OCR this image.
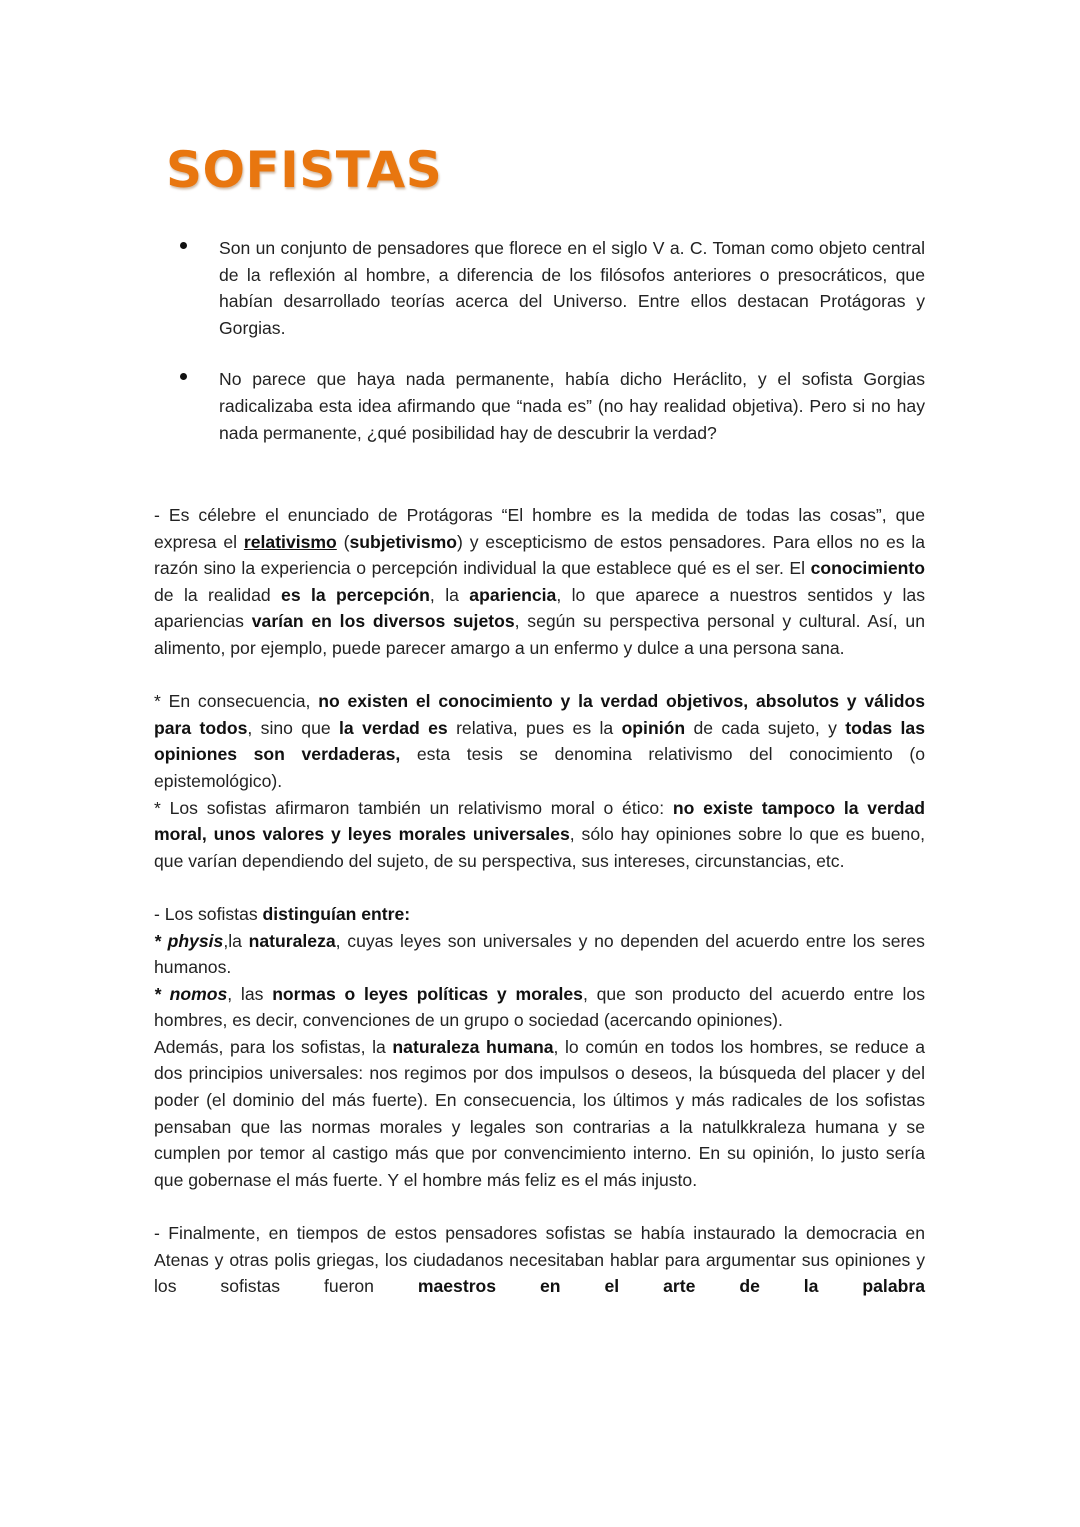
SOFISTAS

Son un conjunto de pensadores que florece en el siglo V a. C. Toman como objeto central de la reflexión al hombre, a diferencia de los filósofos anteriores o presocráticos, que habían desarrollado teorías acerca del Universo. Entre ellos destacan Protágoras y Gorgias.

No parece que haya nada permanente, había dicho Heráclito, y el sofista Gorgias radicalizaba esta idea afirmando que “nada es” (no hay realidad objetiva). Pero si no hay nada permanente, ¿qué posibilidad hay de descubrir la verdad?

- Es célebre el enunciado de Protágoras “El hombre es la medida de todas las cosas”, que expresa el relativismo (subjetivismo) y escepticismo de estos pensadores. Para ellos no es la razón sino la experiencia o percepción individual la que establece qué es el ser. El conocimiento de la realidad es la percepción, la apariencia, lo que aparece a nuestros sentidos y las apariencias varían en los diversos sujetos, según su perspectiva personal y cultural. Así, un alimento, por ejemplo, puede parecer amargo a un enfermo y dulce a una persona sana.

* En consecuencia, no existen el conocimiento y la verdad objetivos, absolutos y válidos para todos, sino que la verdad es relativa, pues es la opinión de cada sujeto, y todas las opiniones son verdaderas, esta tesis se denomina relativismo del conocimiento (o epistemológico).

* Los sofistas afirmaron también un relativismo moral o ético: no existe tampoco la verdad moral, unos valores y leyes morales universales, sólo hay opiniones sobre lo que es bueno, que varían dependiendo del sujeto, de su perspectiva, sus intereses, circunstancias, etc.

- Los sofistas distinguían entre:

* physis,la naturaleza, cuyas leyes son universales y no dependen del acuerdo entre los seres humanos.

* nomos, las normas o leyes políticas y morales, que son producto del acuerdo entre los hombres, es decir, convenciones de un grupo o sociedad (acercando opiniones).

Además, para los sofistas, la naturaleza humana, lo común en todos los hombres, se reduce a dos principios universales: nos regimos por dos impulsos o deseos, la búsqueda del placer y del poder (el dominio del más fuerte). En consecuencia, los últimos y más radicales de los sofistas pensaban que las normas morales y legales son contrarias a la natulkkraleza humana y se cumplen por temor al castigo más que por convencimiento interno. En su opinión, lo justo sería que gobernase el más fuerte. Y el hombre más feliz es el más injusto.

- Finalmente, en tiempos de estos pensadores sofistas se había instaurado la democracia en Atenas y otras polis griegas, los ciudadanos necesitaban hablar para argumentar sus opiniones y los sofistas fueron maestros en el arte de la palabra
